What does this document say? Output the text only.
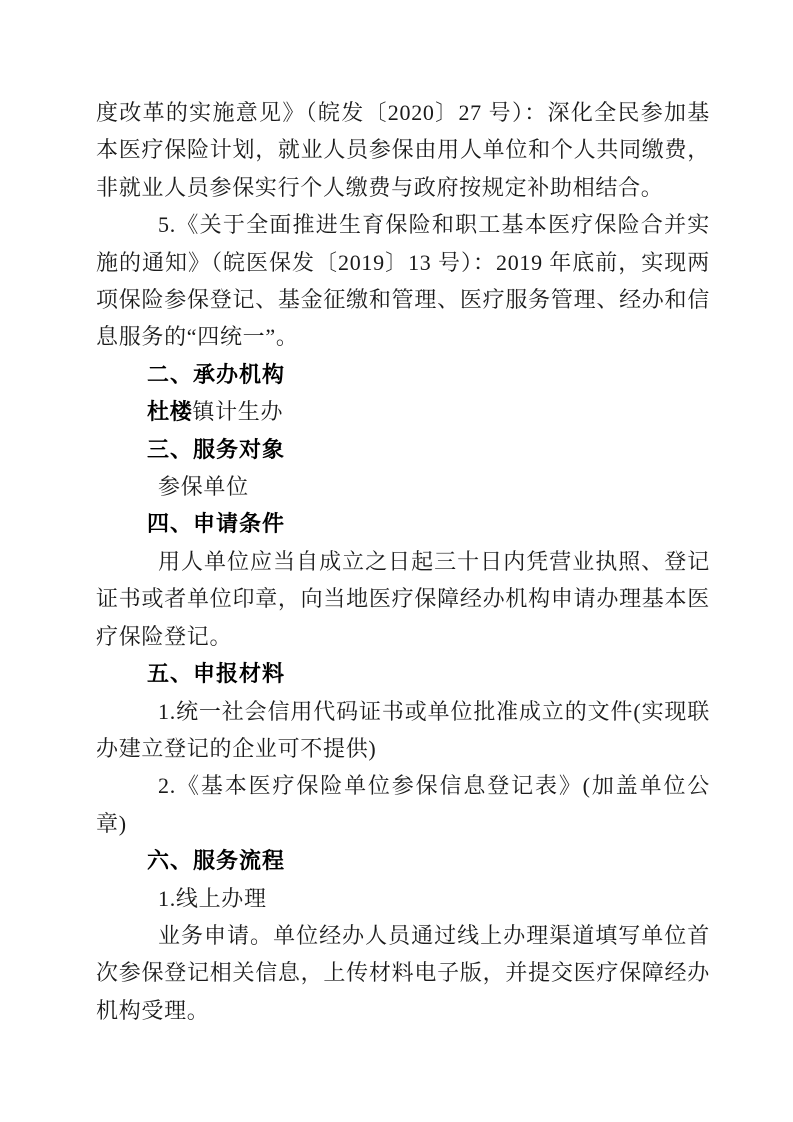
度改革的实施意见》（皖发〔2020〕27 号）：深化全民参加基本医疗保险计划，就业人员参保由用人单位和个人共同缴费，非就业人员参保实行个人缴费与政府按规定补助相结合。

5.《关于全面推进生育保险和职工基本医疗保险合并实施的通知》（皖医保发〔2019〕13 号）：2019 年底前，实现两项保险参保登记、基金征缴和管理、医疗服务管理、经办和信息服务的“四统一”。

二、承办机构

杜楼镇计生办

三、服务对象

参保单位

四、申请条件

用人单位应当自成立之日起三十日内凭营业执照、登记证书或者单位印章，向当地医疗保障经办机构申请办理基本医疗保险登记。

五、申报材料

1.统一社会信用代码证书或单位批准成立的文件(实现联办建立登记的企业可不提供)

2.《基本医疗保险单位参保信息登记表》(加盖单位公章)

六、服务流程

1.线上办理

业务申请。单位经办人员通过线上办理渠道填写单位首次参保登记相关信息，上传材料电子版，并提交医疗保障经办机构受理。
